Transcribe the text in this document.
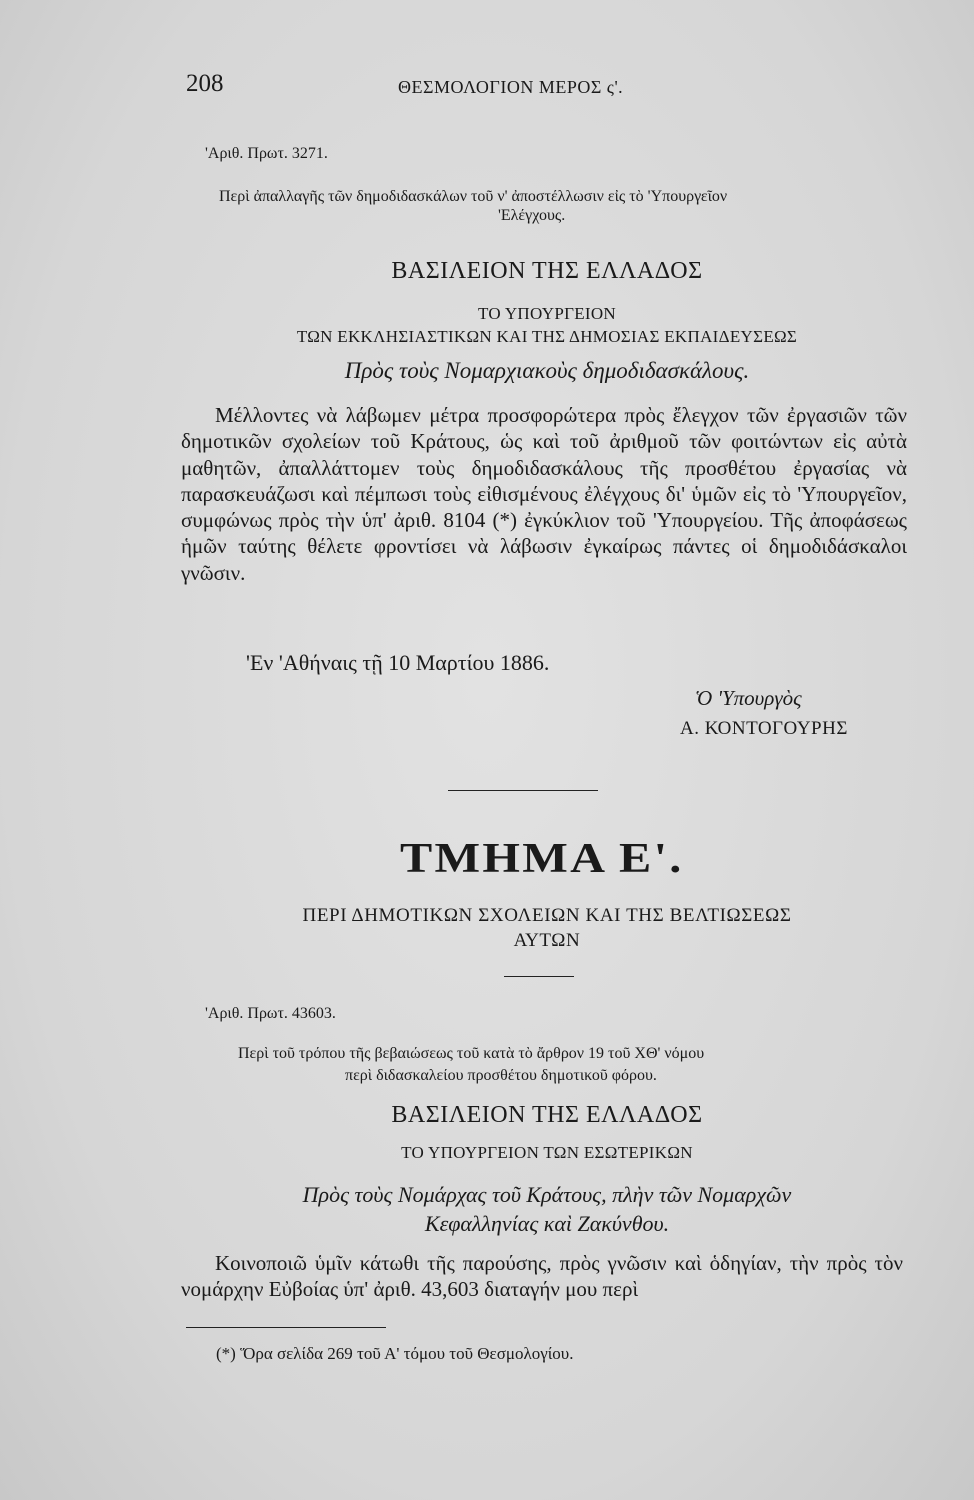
208	ΘΕΣΜΟΛΟΓΙΟΝ ΜΕΡΟΣ ς'.
'Αριθ. Πρωτ. 3271.
Περὶ ἀπαλλαγῆς τῶν δημοδιδασκάλων τοῦ ν' ἀποστέλλωσιν εἰς τὸ 'Υπουργεῖον
'Ελέγχους.
ΒΑΣΙΛΕΙΟΝ ΤΗΣ ΕΛΛΑΔΟΣ
ΤΟ ΥΠΟΥΡΓΕΙΟΝ
ΤΩΝ ΕΚΚΛΗΣΙΑΣΤΙΚΩΝ ΚΑΙ ΤΗΣ ΔΗΜΟΣΙΑΣ ΕΚΠΑΙΔΕΥΣΕΩΣ
Πρὸς τοὺς Νομαρχιακοὺς δημοδιδασκάλους.

Μέλλοντες νὰ λάβωμεν μέτρα προσφορώτερα πρὸς ἔλεγχον τῶν ἐργασιῶν τῶν δημοτικῶν σχολείων τοῦ Κράτους, ὡς καὶ τοῦ ἀριθμοῦ τῶν φοιτώντων εἰς αὐτὰ μαθητῶν, ἀπαλλάττομεν τοὺς δημοδιδασκάλους τῆς προσθέτου ἐργασίας νὰ παρασκευάζωσι καὶ πέμπωσι τοὺς εἰθισμένους ἐλέγχους δι' ὑμῶν εἰς τὸ 'Υπουργεῖον, συμφώνως πρὸς τὴν ὑπ' ἀριθ. 8104 (*) ἐγκύκλιον τοῦ 'Υπουργείου. Τῆς ἀποφάσεως ἡμῶν ταύτης θέλετε φροντίσει νὰ λάβωσιν ἐγκαίρως πάντες οἱ δημοδιδάσκαλοι γνῶσιν.

'Εν 'Αθήναις τῇ 10 Μαρτίου 1886.
Ὁ 'Υπουργὸς
Α. ΚΟΝΤΟΓΟΥΡΗΣ
ΤΜΗΜΑ Ε'.
ΠΕΡΙ ΔΗΜΟΤΙΚΩΝ ΣΧΟΛΕΙΩΝ ΚΑΙ ΤΗΣ ΒΕΛΤΙΩΣΕΩΣ
ΑΥΤΩΝ
'Αριθ. Πρωτ. 43603.
Περὶ τοῦ τρόπου τῆς βεβαιώσεως τοῦ κατὰ τὸ ἄρθρον 19 τοῦ ΧΘ' νόμου
περὶ διδασκαλείου προσθέτου δημοτικοῦ φόρου.
ΒΑΣΙΛΕΙΟΝ ΤΗΣ ΕΛΛΑΔΟΣ
ΤΟ ΥΠΟΥΡΓΕΙΟΝ ΤΩΝ ΕΣΩΤΕΡΙΚΩΝ
Πρὸς τοὺς Νομάρχας τοῦ Κράτους, πλὴν τῶν Νομαρχῶν
Κεφαλληνίας καὶ Ζακύνθου.

Κοινοποιῶ ὑμῖν κάτωθι τῆς παρούσης, πρὸς γνῶσιν καὶ ὁδηγίαν, τὴν πρὸς τὸν νομάρχην Εὐβοίας ὑπ' ἀριθ. 43,603 διαταγήν μου περὶ

(*) Ὅρα σελίδα 269 τοῦ Α' τόμου τοῦ Θεσμολογίου.
